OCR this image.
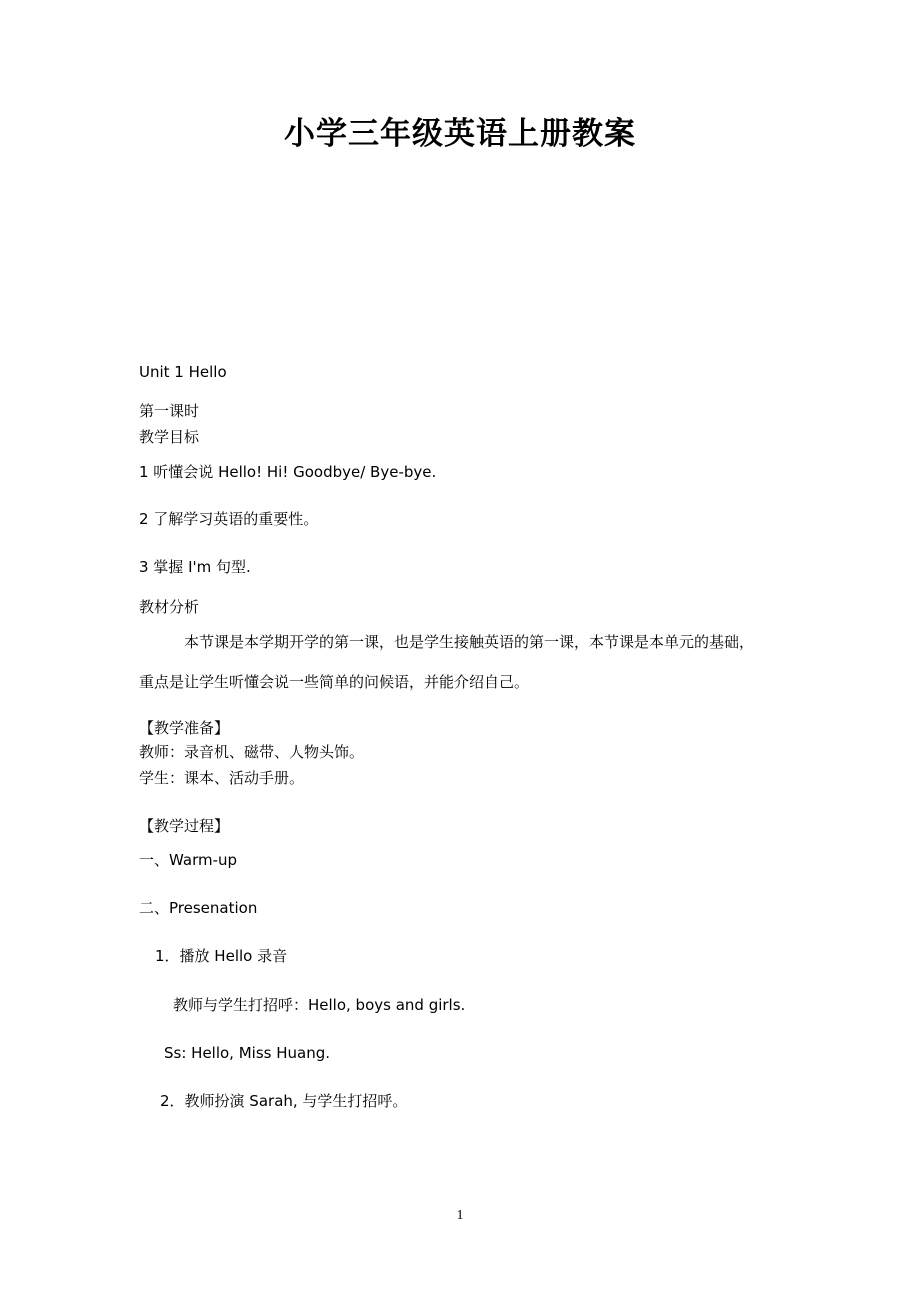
小学三年级英语上册教案
Unit 1 Hello
第一课时
教学目标
1 听懂会说 Hello! Hi! Goodbye/ Bye-bye.
2 了解学习英语的重要性。
3 掌握 I'm 句型.
教材分析
本节课是本学期开学的第一课，也是学生接触英语的第一课，本节课是本单元的基础，
重点是让学生听懂会说一些简单的问候语，并能介绍自己。
【教学准备】
教师：录音机、磁带、人物头饰。
学生：课本、活动手册。
【教学过程】
一、Warm-up
二、Presenation
1．播放 Hello 录音
教师与学生打招呼：Hello, boys and girls.
Ss: Hello, Miss Huang.
2．教师扮演 Sarah, 与学生打招呼。
1
